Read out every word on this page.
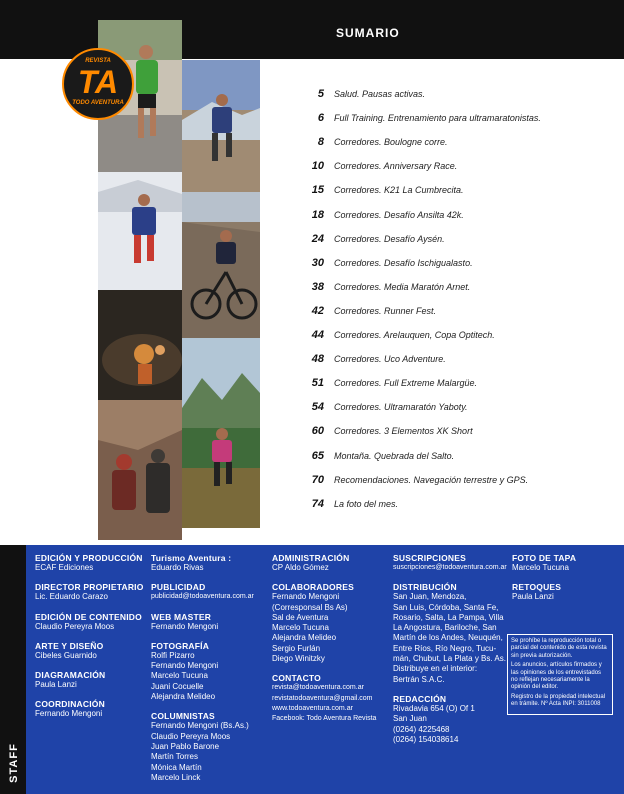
SUMARIO
REVISTA
TA
TODO AVENTURA
5 Salud. Pausas activas.
6 Full Training. Entrenamiento para ultramaratonistas.
8 Corredores. Boulogne corre.
10 Corredores. Anniversary Race.
15 Corredores. K21 La Cumbrecita.
18 Corredores. Desafío Ansilta 42k.
24 Corredores. Desafío Aysén.
30 Corredores. Desafío Ischigualasto.
38 Corredores. Media Maratón Arnet.
42 Corredores. Runner Fest.
44 Corredores. Arelauquen, Copa Optitech.
48 Corredores. Uco Adventure.
51 Corredores. Full Extreme Malargüe.
54 Corredores. Ultramaratón Yaboty.
60 Corredores. 3 Elementos XK Short
65 Montaña. Quebrada del Salto.
70 Recomendaciones. Navegación terrestre y GPS.
74 La foto del mes.
STAFF
EDICIÓN Y PRODUCCIÓN
ECAF Ediciones
DIRECTOR PROPIETARIO
Lic. Eduardo Carazo
EDICIÓN DE CONTENIDO
Claudio Pereyra Moos
ARTE Y DISEÑO
Cibeles Guarnido
DIAGRAMACIÓN
Paula Lanzi
COORDINACIÓN
Fernando Mengoni
Turismo Aventura :
Eduardo Rivas
PUBLICIDAD
publicidad@todoaventura.com.ar
WEB MASTER
Fernando Mengoni
FOTOGRAFÍA
Rolfi Pizarro
Fernando Mengoni
Marcelo Tucuna
Juani Cocuelle
Alejandra Melideo
COLUMNISTAS
Fernando Mengoni (Bs.As.)
Claudio Pereyra Moos
Juan Pablo Barone
Martín Torres
Mónica Martín
Marcelo Linck
ADMINISTRACIÓN
CP Aldo Gómez
COLABORADORES
Fernando Mengoni
(Corresponsal Bs As)
Sal de Aventura
Marcelo Tucuna
Alejandra Melideo
Sergio Furlán
Diego Winitzky
CONTACTO
revista@todoaventura.com.ar
revistatodoaventura@gmail.com
www.todoaventura.com.ar
Facebook: Todo Aventura Revista
SUSCRIPCIONES
suscripciones@todoaventura.com.ar
DISTRIBUCIÓN
San Juan, Mendoza,
San Luis, Córdoba, Santa Fe,
Rosario, Salta, La Pampa, Villa
La Angostura, Bariloche, San
Martín de los Andes, Neuquén,
Entre Ríos, Río Negro, Tucu-
mán, Chubut, La Plata y Bs. As.
Distribuye en el interior:
Bertrán S.A.C.
REDACCIÓN
Rivadavia 654 (O) Of 1
San Juan
(0264) 4225468
(0264) 154038614
FOTO DE TAPA
Marcelo Tucuna
RETOQUES
Paula Lanzi

Se prohíbe la reproducción total o parcial del contenido de esta revista sin previa autorización.

Los anuncios, artículos firmados y las opiniones de los entrevistados no reflejan necesariamente la opinión del editor.

Registro de la propiedad intelectual en trámite. Nº Acta INPI: 3011008
